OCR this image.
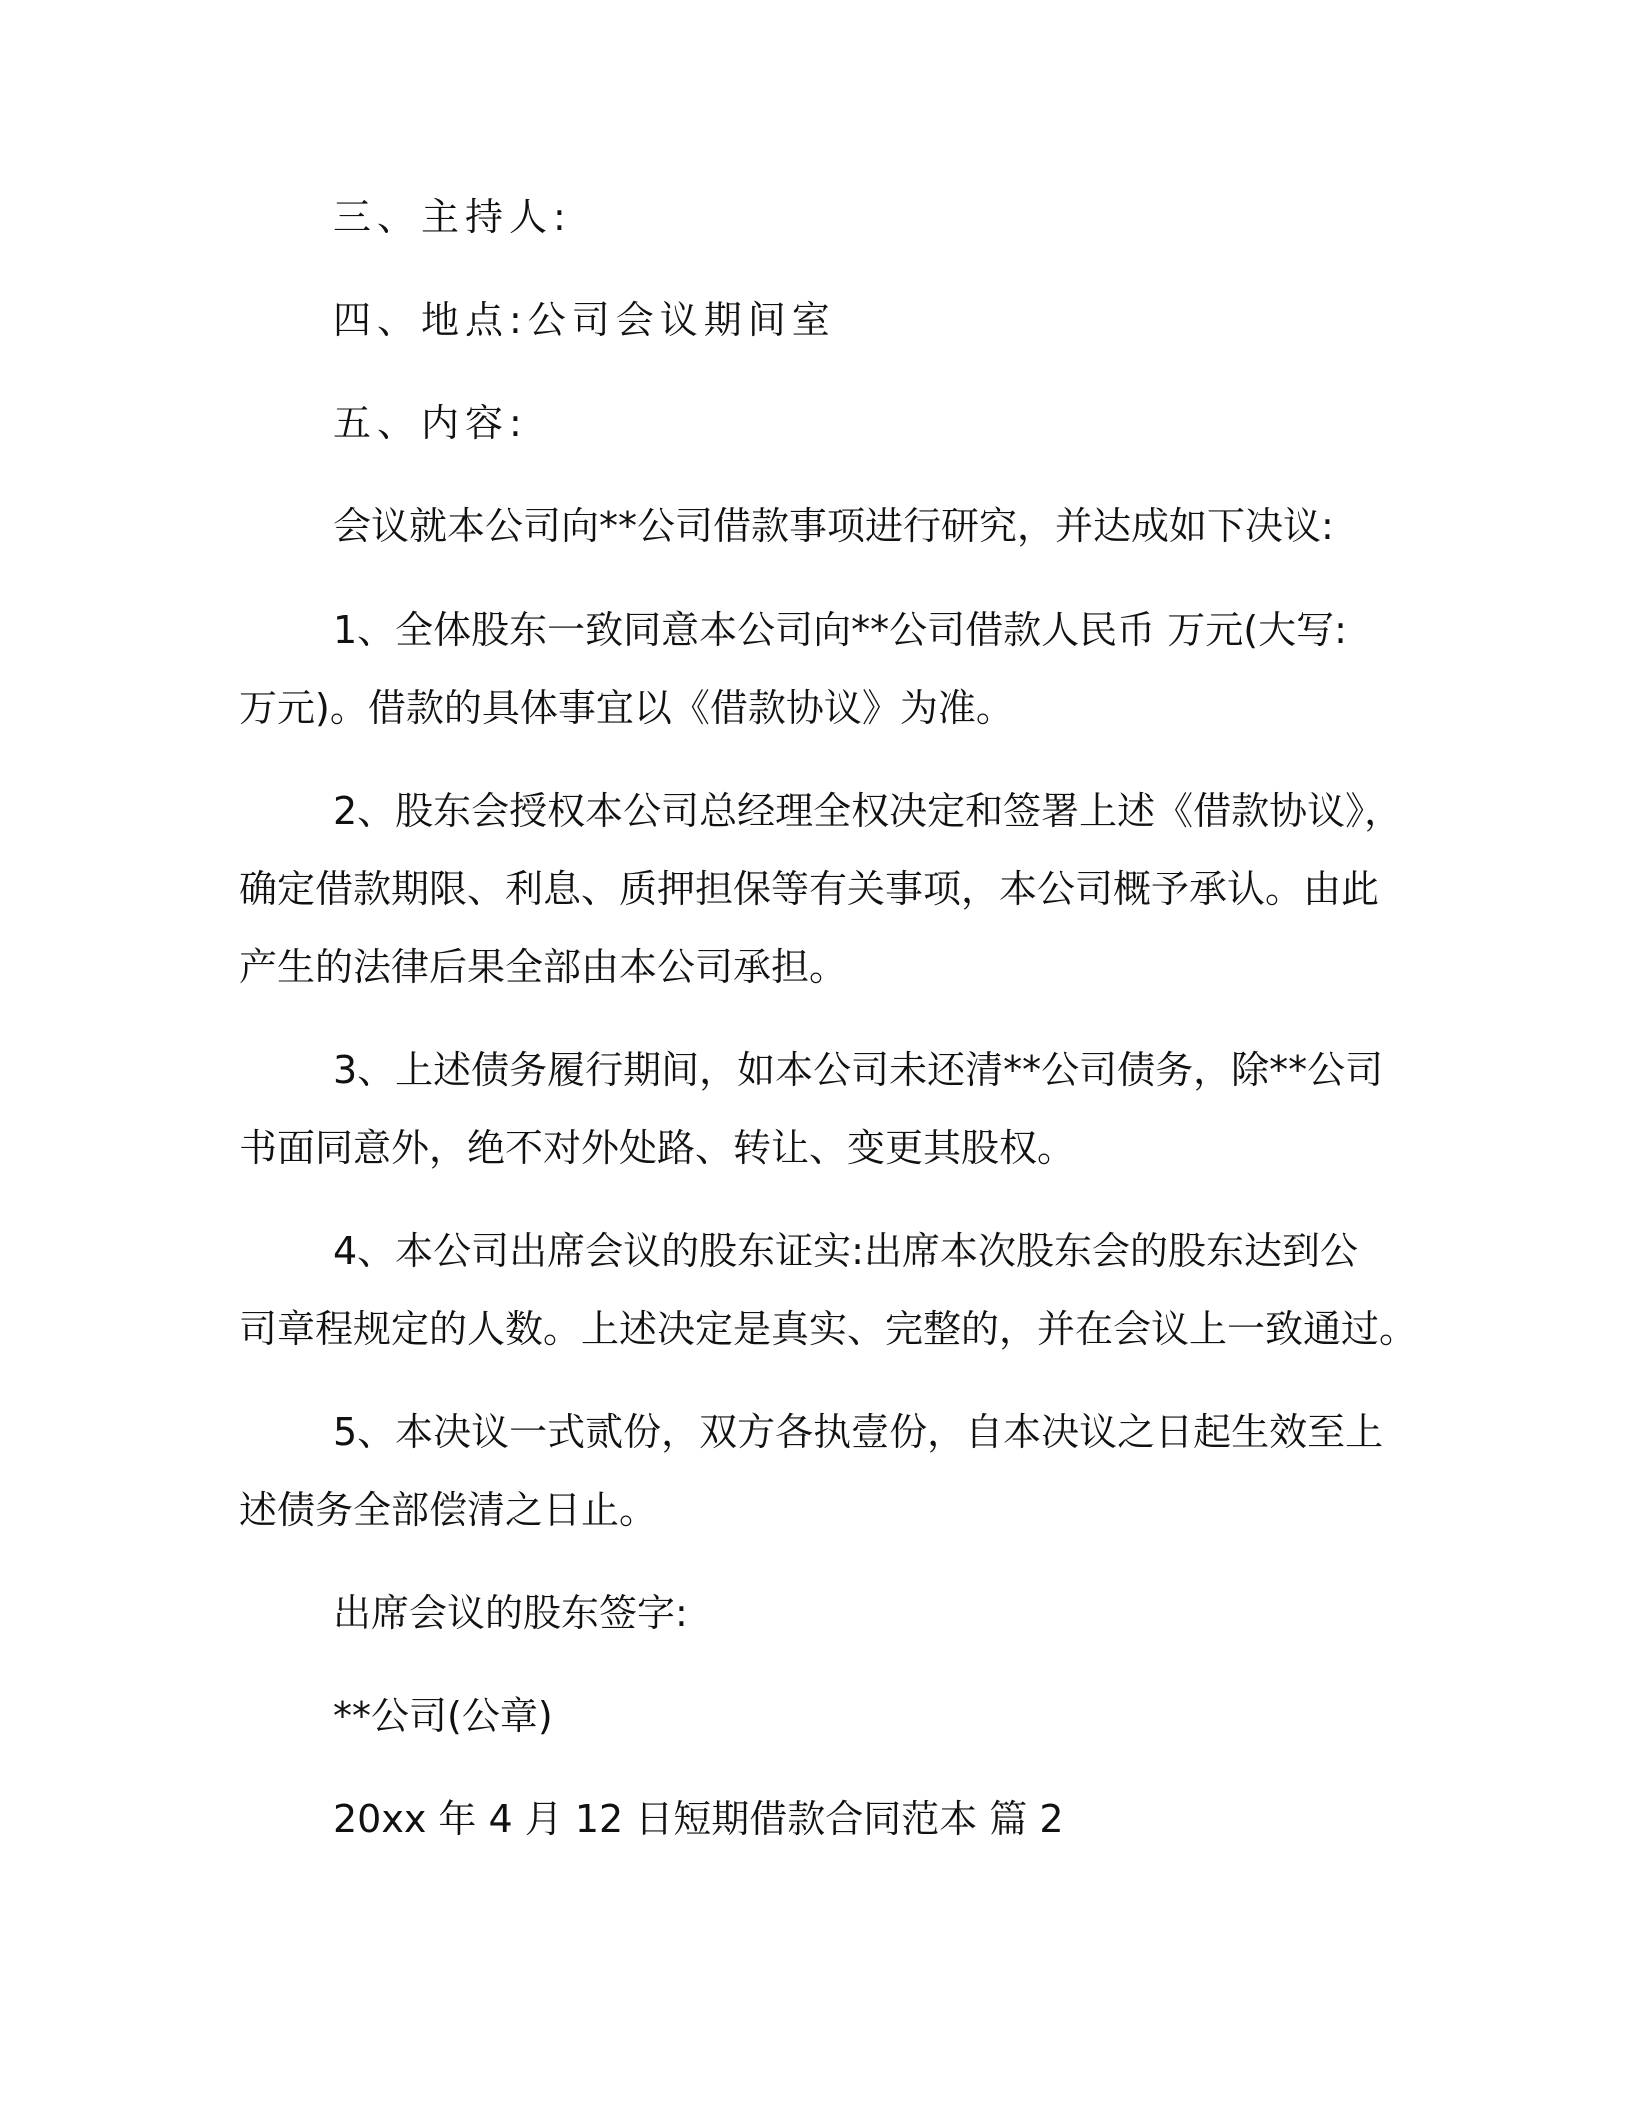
三、主持人:
四、地点:公司会议期间室
五、内容:
会议就本公司向**公司借款事项进行研究，并达成如下决议:
1、全体股东一致同意本公司向**公司借款人民币 万元(大写:
万元)。借款的具体事宜以《借款协议》为准。
2、股东会授权本公司总经理全权决定和签署上述《借款协议》，
确定借款期限、利息、质押担保等有关事项，本公司概予承认。由此
产生的法律后果全部由本公司承担。
3、上述债务履行期间，如本公司未还清**公司债务，除**公司
书面同意外，绝不对外处路、转让、变更其股权。
4、本公司出席会议的股东证实:出席本次股东会的股东达到公
司章程规定的人数。上述决定是真实、完整的，并在会议上一致通过。
5、本决议一式贰份，双方各执壹份，自本决议之日起生效至上
述债务全部偿清之日止。
出席会议的股东签字:
**公司(公章)
20xx 年 4 月 12 日短期借款合同范本 篇 2
